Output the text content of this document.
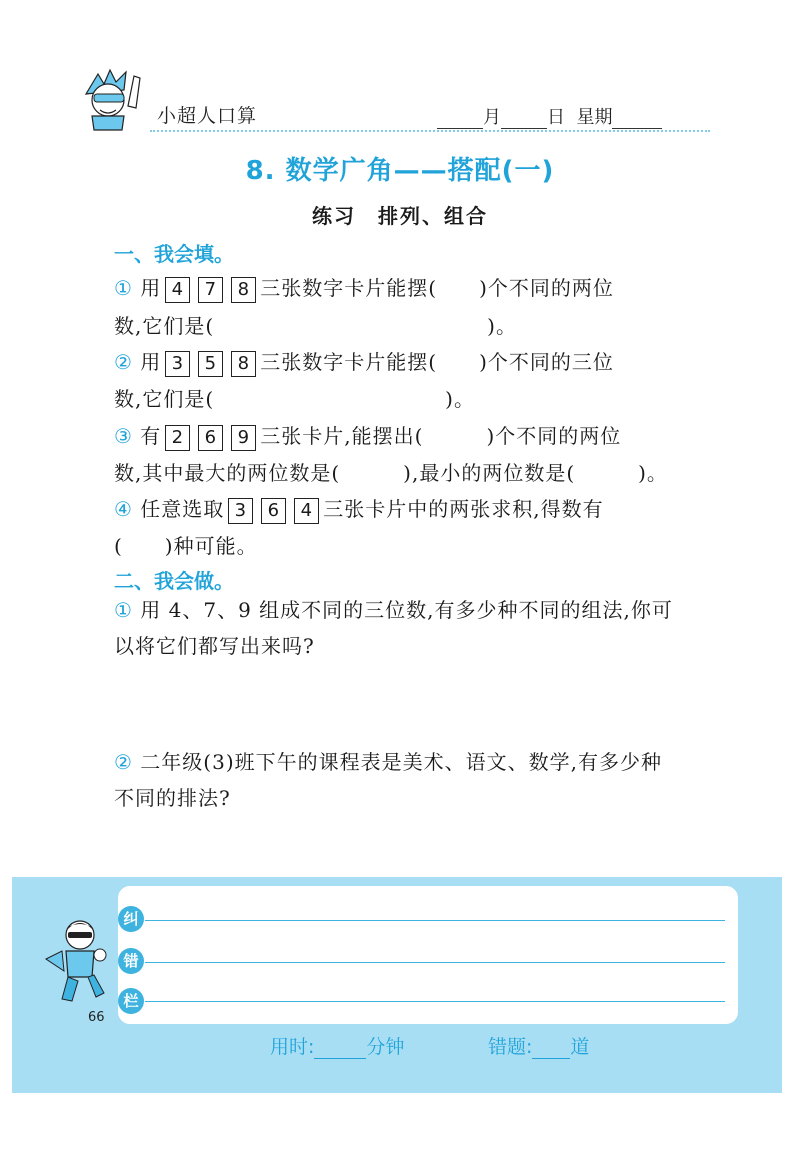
小超人口算	月	日 星期
8. 数学广角——搭配(一)
练习　排列、组合
一、我会填。
① 用 4 7 8 三张数字卡片能摆(　　)个不同的两位
数,它们是(　　　　　　　　　　　　　)。
② 用 3 5 8 三张数字卡片能摆(　　)个不同的三位
数,它们是(　　　　　　　　　　　)。
③ 有 2 6 9 三张卡片,能摆出(　　　)个不同的两位
数,其中最大的两位数是(　　　),最小的两位数是(　　　)。
④ 任意选取 3 6 4 三张卡片中的两张求积,得数有
(　　)种可能。
二、我会做。
① 用 4、7、9 组成不同的三位数,有多少种不同的组法,你可
以将它们都写出来吗?
② 二年级(3)班下午的课程表是美术、语文、数学,有多少种
不同的排法?
纠
错
栏
66
用时:	分钟	错题: 道
